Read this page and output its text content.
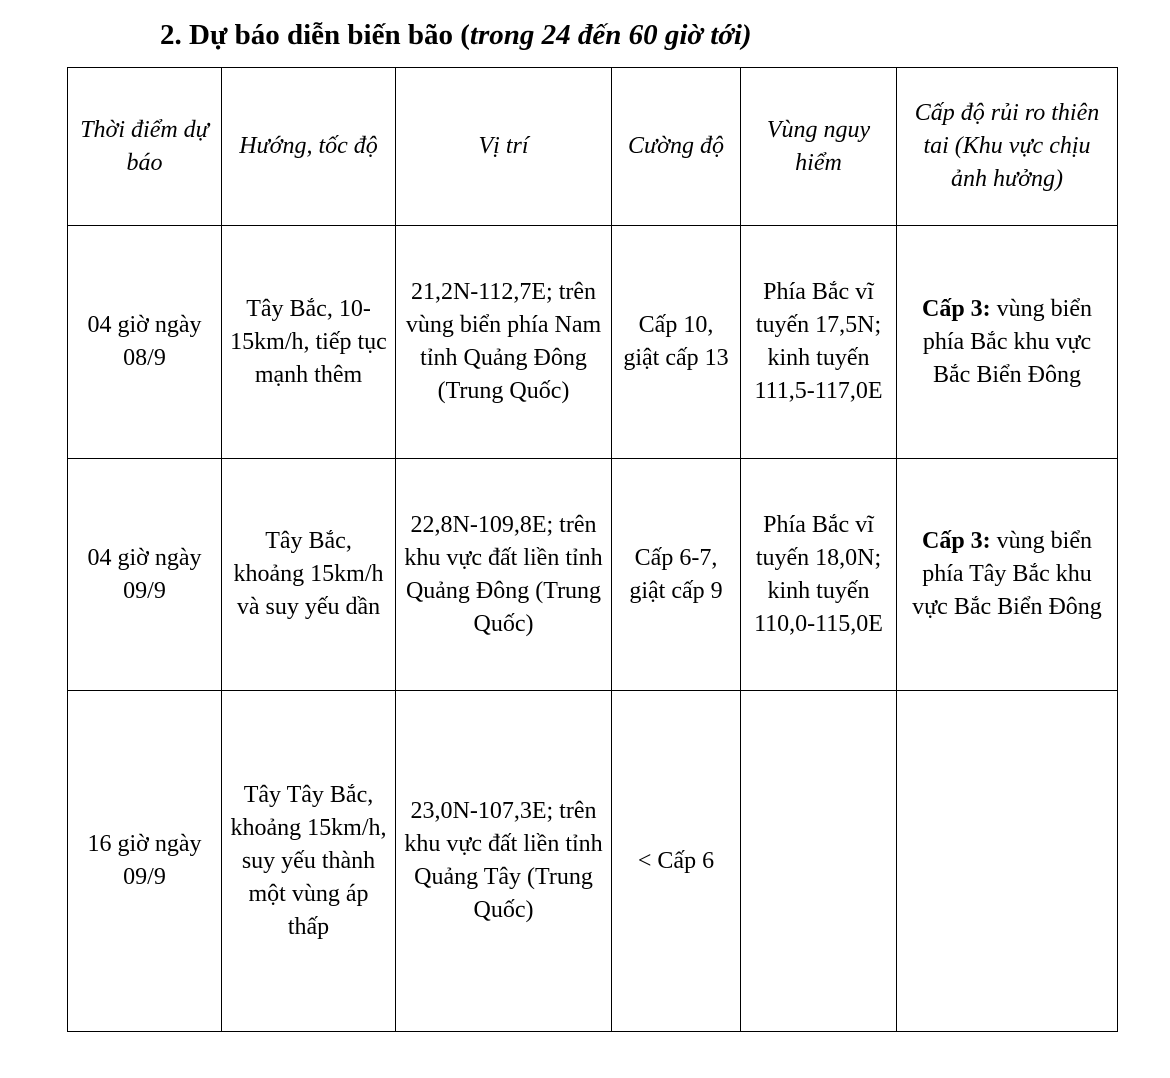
2. Dự báo diễn biến bão (trong 24 đến 60 giờ tới)
Thời điểm dự báo	Hướng, tốc độ	Vị trí	Cường độ	Vùng nguy hiểm	Cấp độ rủi ro thiên tai (Khu vực chịu ảnh hưởng)
04 giờ ngày 08/9	Tây Bắc, 10-15km/h, tiếp tục mạnh thêm	21,2N-112,7E; trên vùng biển phía Nam tỉnh Quảng Đông (Trung Quốc)	Cấp 10, giật cấp 13	Phía Bắc vĩ tuyến 17,5N; kinh tuyến 111,5-117,0E	Cấp 3: vùng biển phía Bắc khu vực Bắc Biển Đông
04 giờ ngày 09/9	Tây Bắc, khoảng 15km/h và suy yếu dần	22,8N-109,8E; trên khu vực đất liền tỉnh Quảng Đông (Trung Quốc)	Cấp 6-7, giật cấp 9	Phía Bắc vĩ tuyến 18,0N; kinh tuyến 110,0-115,0E	Cấp 3: vùng biển phía Tây Bắc khu vực Bắc Biển Đông
16 giờ ngày 09/9	Tây Tây Bắc, khoảng 15km/h, suy yếu thành một vùng áp thấp	23,0N-107,3E; trên khu vực đất liền tỉnh Quảng Tây (Trung Quốc)	< Cấp 6		
